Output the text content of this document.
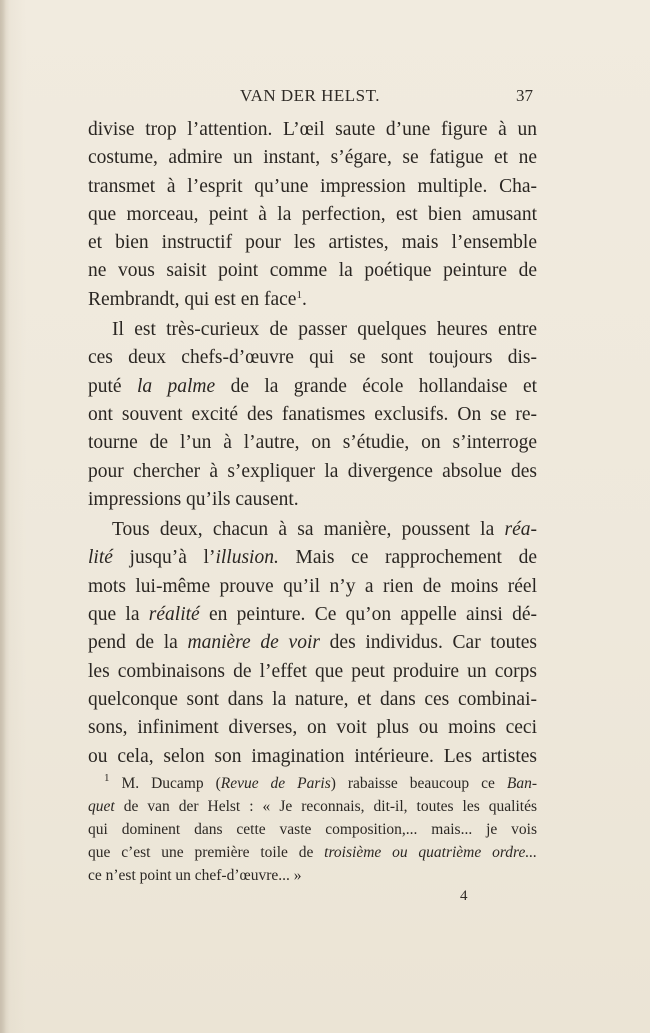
VAN DER HELST.	37
divise trop l’attention. L’œil saute d’une figure à un
costume, admire un instant, s’égare, se fatigue et ne
transmet à l’esprit qu’une impression multiple. Cha-
que morceau, peint à la perfection, est bien amusant
et bien instructif pour les artistes, mais l’ensemble
ne vous saisit point comme la poétique peinture de
Rembrandt, qui est en face$^1$.
Il est très-curieux de passer quelques heures entre
ces deux chefs-d’œuvre qui se sont toujours dis-
puté la palme de la grande école hollandaise et
ont souvent excité des fanatismes exclusifs. On se re-
tourne de l’un à l’autre, on s’étudie, on s’interroge
pour chercher à s’expliquer la divergence absolue des
impressions qu’ils causent.
Tous deux, chacun à sa manière, poussent la réa-
lité jusqu’à l’illusion. Mais ce rapprochement de
mots lui-même prouve qu’il n’y a rien de moins réel
que la réalité en peinture. Ce qu’on appelle ainsi dé-
pend de la manière de voir des individus. Car toutes
les combinaisons de l’effet que peut produire un corps
quelconque sont dans la nature, et dans ces combinai-
sons, infiniment diverses, on voit plus ou moins ceci
ou cela, selon son imagination intérieure. Les artistes
$^1$ M. Ducamp (Revue de Paris) rabaisse beaucoup ce Ban-
quet de van der Helst : « Je reconnais, dit-il, toutes les qualités
qui dominent dans cette vaste composition,... mais... je vois
que c’est une première toile de troisième ou quatrième ordre...
ce n’est point un chef-d’œuvre... »
4
